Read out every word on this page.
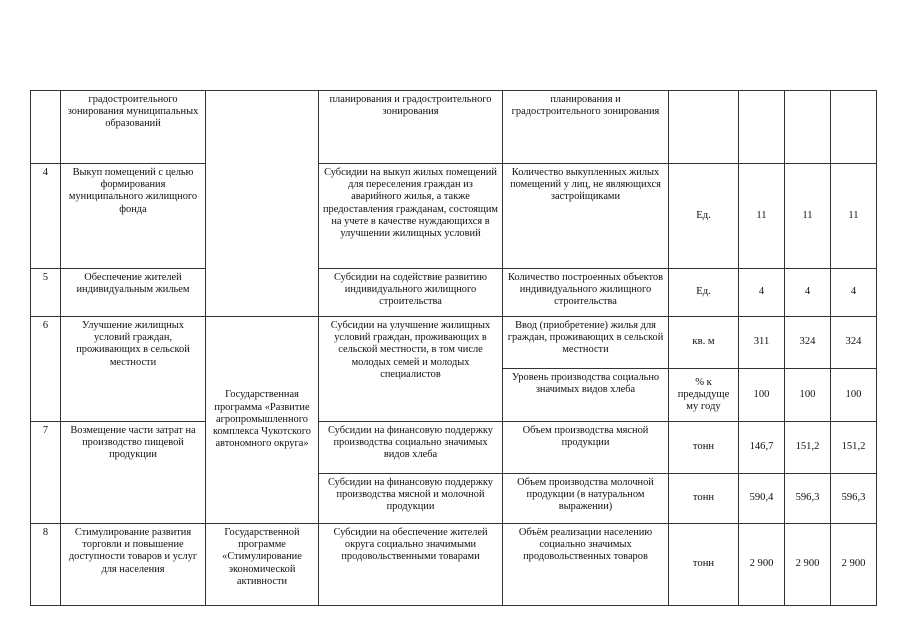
	градостроительного зонирования муниципальных образований		планирования и градостроительного зонирования	планирования и градостроительного зонирования				
4	Выкуп помещений с целью формирования муниципального жилищного фонда		Субсидии на выкуп жилых помещений для переселения граждан из аварийного жилья, а также предоставления гражданам, состоящим на учете в качестве нуждающихся в улучшении жилищных условий	Количество выкупленных жилых помещений у лиц, не являющихся застройщиками	Ед.	11	11	11
5	Обеспечение жителей индивидуальным жильем		Субсидии на содействие развитию индивидуального жилищного строительства	Количество построенных объектов индивидуального жилищного строительства	Ед.	4	4	4
6	Улучшение жилищных условий граждан, проживающих в сельской местности	Государственная программа «Развитие агропромышленного комплекса Чукотского автономного округа»	Субсидии на улучшение жилищных условий граждан, проживающих в сельской местности, в том числе молодых семей и молодых специалистов	Ввод (приобретение) жилья для граждан, проживающих в сельской местности	кв. м	311	324	324
				Уровень производства социально значимых видов хлеба	% к предыдуще му году	100	100	100
7	Возмещение части затрат на производство пищевой продукции		Субсидии на финансовую поддержку производства социально значимых видов хлеба	Объем производства мясной продукции	тонн	146,7	151,2	151,2
			Субсидии на финансовую поддержку производства мясной и молочной продукции	Объем производства молочной продукции (в натуральном выражении)	тонн	590,4	596,3	596,3
8	Стимулирование развития торговли и повышение доступности товаров и услуг для населения	Государственной программе «Стимулирование экономической активности	Субсидии на обеспечение жителей округа социально значимыми продовольственными товарами	Объём реализации населению социально значимых продовольственных товаров	тонн	2 900	2 900	2 900
